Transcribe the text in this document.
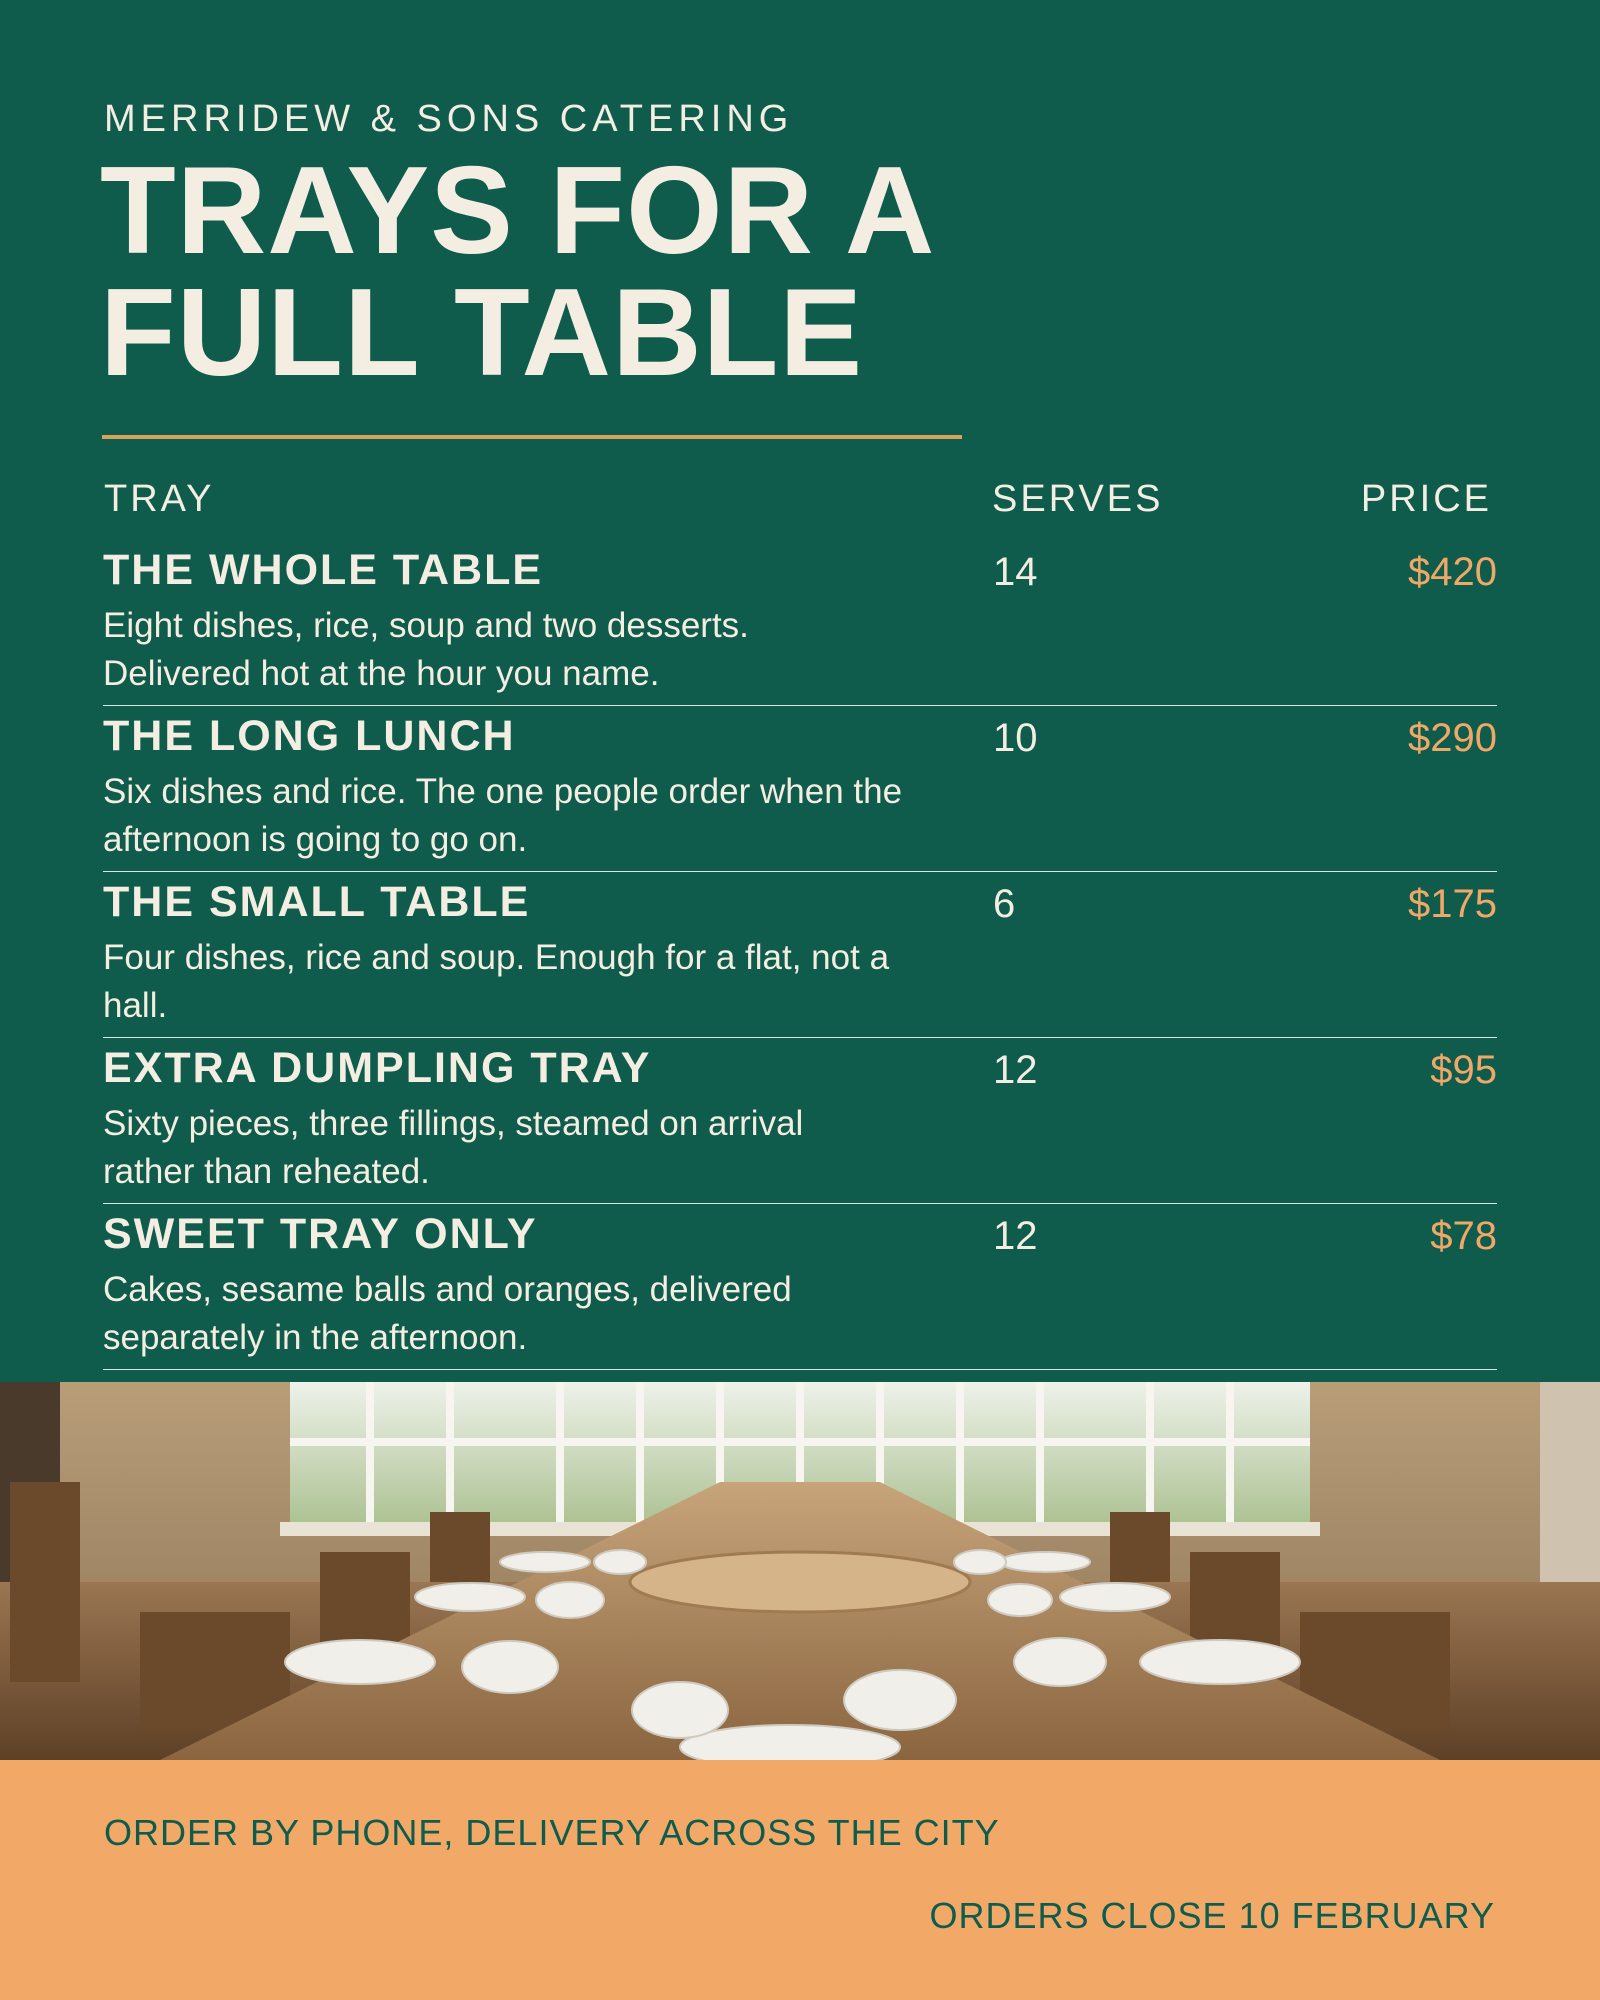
MERRIDEW & SONS CATERING
TRAYS FOR A
FULL TABLE
TRAY	SERVES	PRICE
THE WHOLE TABLE
Eight dishes, rice, soup and two desserts. Delivered hot at the hour you name.
14	$420
THE LONG LUNCH
Six dishes and rice. The one people order when the afternoon is going to go on.
10	$290
THE SMALL TABLE
Four dishes, rice and soup. Enough for a flat, not a hall.
6	$175
EXTRA DUMPLING TRAY
Sixty pieces, three fillings, steamed on arrival rather than reheated.
12	$95
SWEET TRAY ONLY
Cakes, sesame balls and oranges, delivered separately in the afternoon.
12	$78
ORDER BY PHONE, DELIVERY ACROSS THE CITY
ORDERS CLOSE 10 FEBRUARY
